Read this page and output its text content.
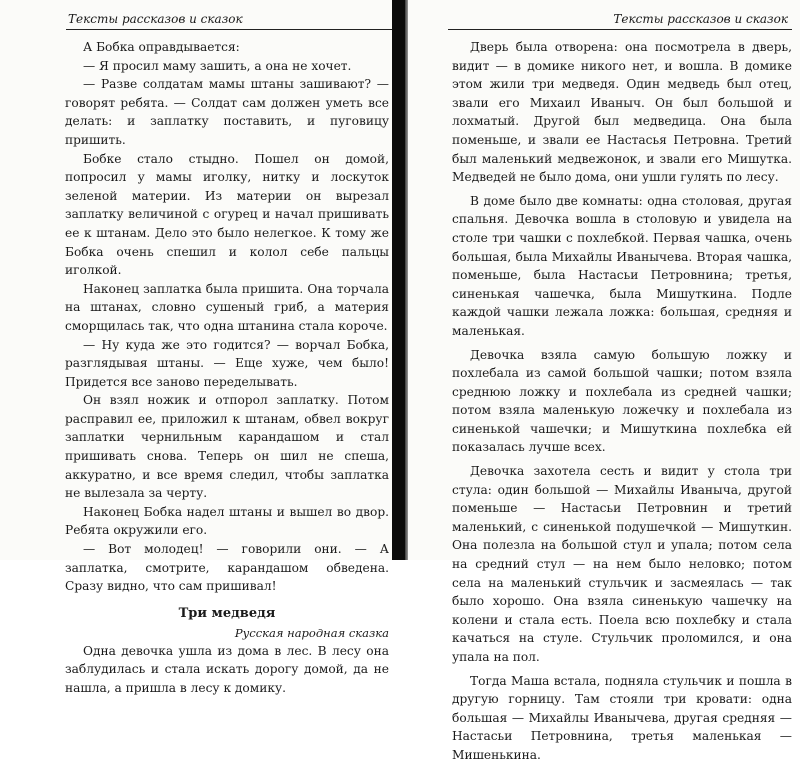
Тексты рассказов и сказок

А Бобка оправдывается:

— Я просил маму зашить, а она не хочет.

— Разве солдатам мамы штаны зашивают? — говорят ребята. — Солдат сам должен уметь все делать: и заплатку поставить, и пуговицу пришить.

Бобке стало стыдно. Пошел он домой, попросил у мамы иголку, нитку и лоскуток зеленой материи. Из материи он вырезал заплатку величиной с огурец и начал пришивать ее к штанам. Дело это было нелегкое. К тому же Бобка очень спешил и колол себе пальцы иголкой.

Наконец заплатка была пришита. Она торчала на штанах, словно сушеный гриб, а материя сморщилась так, что одна штанина стала короче.

— Ну куда же это годится? — ворчал Бобка, разглядывая штаны. — Еще хуже, чем было! Придется все заново переделывать.

Он взял ножик и отпорол заплатку. Потом расправил ее, приложил к штанам, обвел вокруг заплатки чернильным карандашом и стал пришивать снова. Теперь он шил не спеша, аккуратно, и все время следил, чтобы заплатка не вылезала за черту.

Наконец Бобка надел штаны и вышел во двор. Ребята окружили его.

— Вот молодец! — говорили они. — А заплатка, смотрите, карандашом обведена. Сразу видно, что сам пришивал!

Три медведя
Русская народная сказка

Одна девочка ушла из дома в лес. В лесу она заблудилась и стала искать дорогу домой, да не нашла, а пришла в лесу к домику.

Тексты рассказов и сказок

Дверь была отворена: она посмотрела в дверь, видит — в домике никого нет, и вошла. В домике этом жили три медведя. Один медведь был отец, звали его Михаил Иваныч. Он был большой и лохматый. Другой был медведица. Она была поменьше, и звали ее Настасья Петровна. Третий был маленький медвежонок, и звали его Мишутка. Медведей не было дома, они ушли гулять по лесу.

В доме было две комнаты: одна столовая, другая спальня. Девочка вошла в столовую и увидела на столе три чашки с похлебкой. Первая чашка, очень большая, была Михайлы Иванычева. Вторая чашка, поменьше, была Настасьи Петровнина; третья, синенькая чашечка, была Мишуткина. Подле каждой чашки лежала ложка: большая, средняя и маленькая.

Девочка взяла самую большую ложку и похлебала из самой большой чашки; потом взяла среднюю ложку и похлебала из средней чашки; потом взяла маленькую ложечку и похлебала из синенькой чашечки; и Мишуткина похлебка ей показалась лучше всех.

Девочка захотела сесть и видит у стола три стула: один большой — Михайлы Иваныча, другой поменьше — Настасьи Петровнин и третий маленький, с синенькой подушечкой — Мишуткин. Она полезла на большой стул и упала; потом села на средний стул — на нем было неловко; потом села на маленький стульчик и засмеялась — так было хорошо. Она взяла синенькую чашечку на колени и стала есть. Поела всю похлебку и стала качаться на стуле. Стульчик проломился, и она упала на пол.

Тогда Маша встала, подняла стульчик и пошла в другую горницу. Там стояли три кровати: одна большая — Михайлы Иванычева, другая средняя — Настасьи Петровнина, третья маленькая — Мишенькина.
